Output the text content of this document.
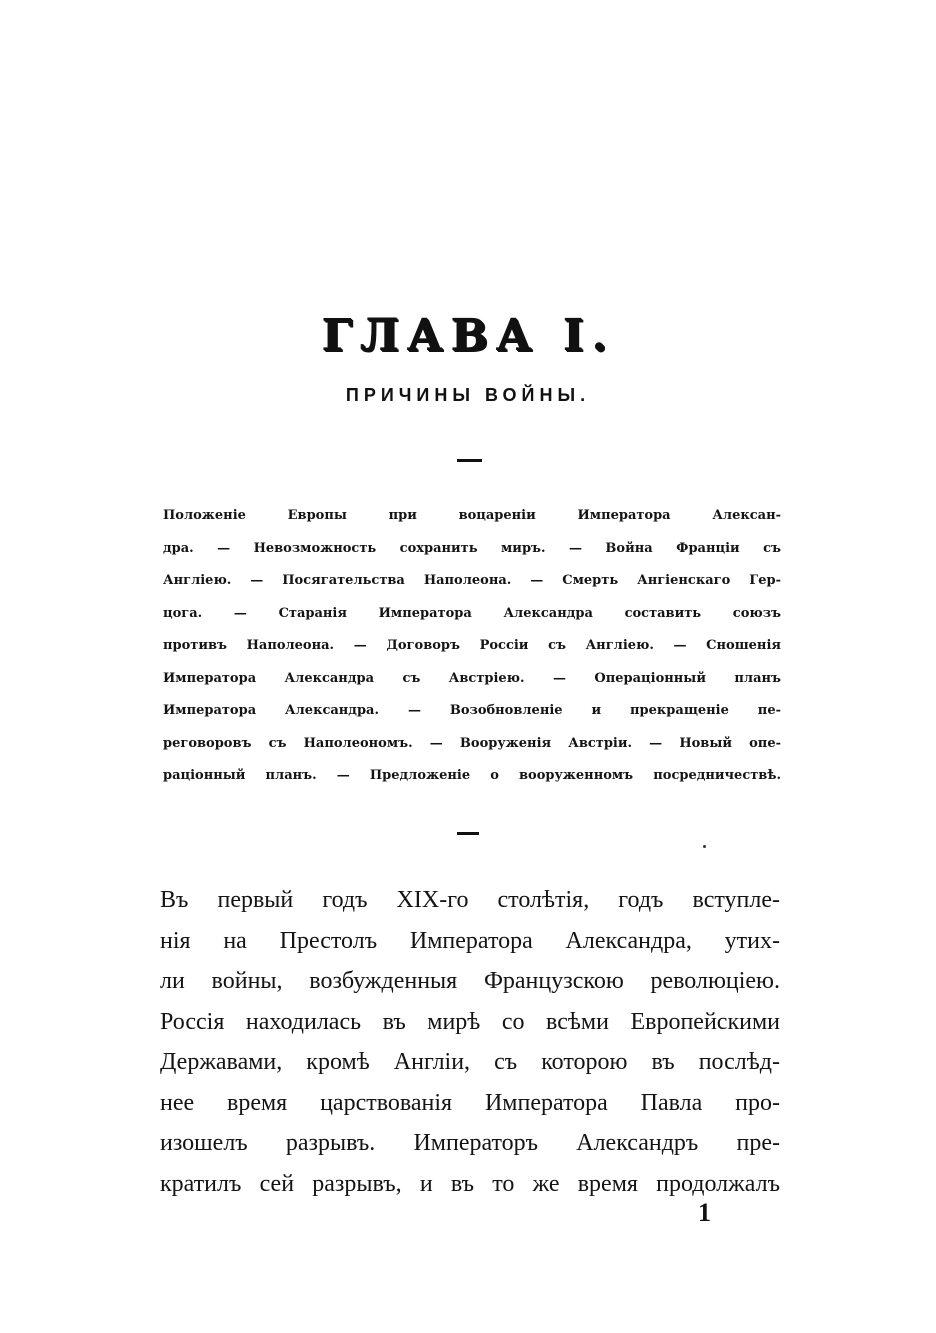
ГЛАВА I.
ПРИЧИНЫ ВОЙНЫ.
Положенiе Европы при воцаренiи Императора Алексан-
дра. — Невозможность сохранить миръ. — Война Францiи съ
Англiею. — Посягательства Наполеона. — Смерть Ангiенскаго Гер-
цога. — Старанiя Императора Александра составить союзъ
противъ Наполеона. — Договоръ Россiи съ Англiею. — Сношенiя
Императора Александра съ Австрiею. — Операцiонный планъ
Императора Александра. — Возобновленiе и прекращенiе пе-
реговоровъ съ Наполеономъ. — Вооруженiя Австрiи. — Новый опе-
рацiонный планъ. — Предложенiе о вооруженномъ посредничествѣ.
Въ первый годъ XIX-го столѣтiя, годъ вступле-
нiя на Престолъ Императора Александра, утих-
ли войны, возбужденныя Французскою революцiею.
Россiя находилась въ мирѣ со всѣми Европейскими
Державами, кромѣ Англiи, съ которою въ послѣд-
нее время царствованiя Императора Павла про-
изошелъ разрывъ. Императоръ Александръ пре-
кратилъ сей разрывъ, и въ то же время продолжалъ
1
